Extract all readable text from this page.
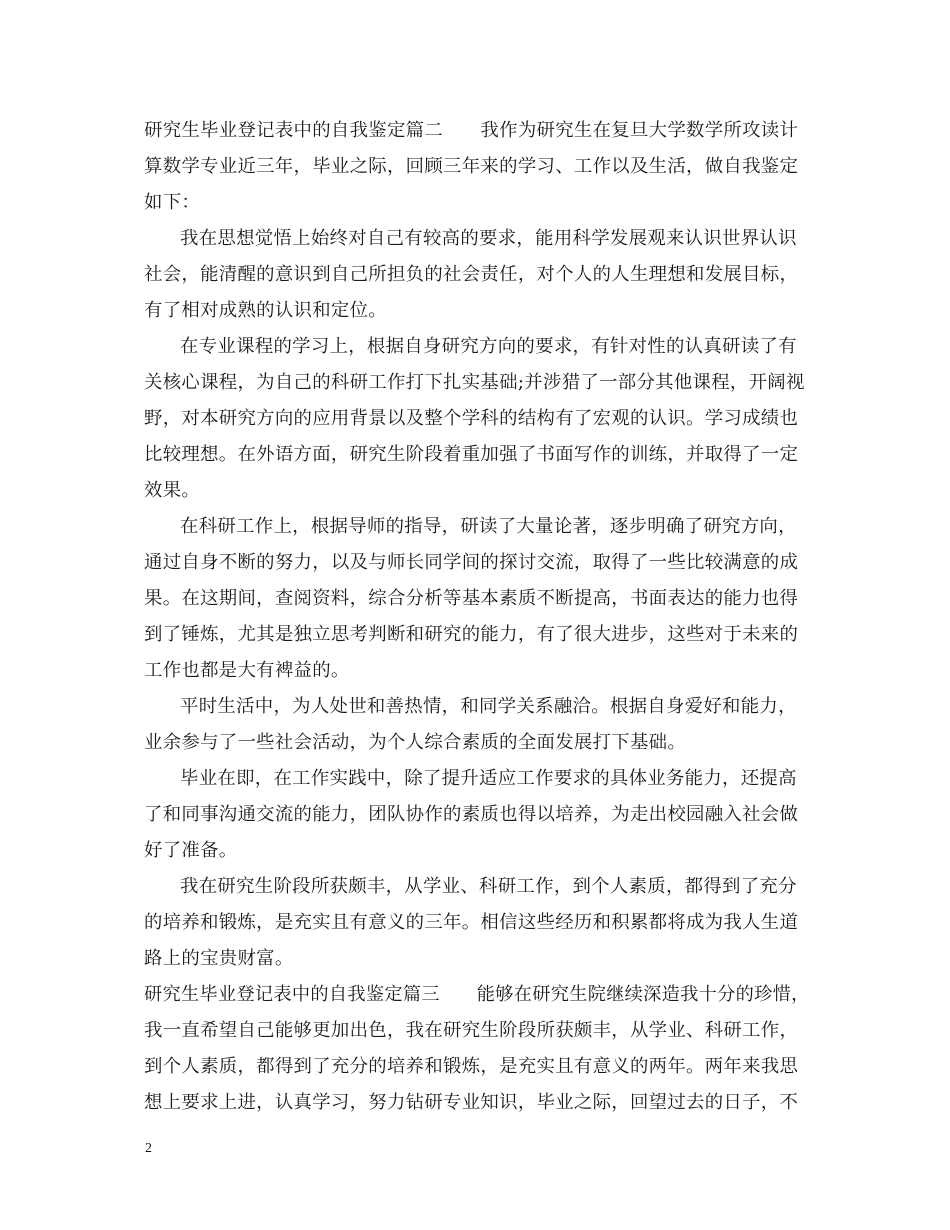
研究生毕业登记表中的自我鉴定篇二　　我作为研究生在复旦大学数学所攻读计
算数学专业近三年，毕业之际，回顾三年来的学习、工作以及生活，做自我鉴定
如下：
我在思想觉悟上始终对自己有较高的要求，能用科学发展观来认识世界认识
社会，能清醒的意识到自己所担负的社会责任，对个人的人生理想和发展目标，
有了相对成熟的认识和定位。
在专业课程的学习上，根据自身研究方向的要求，有针对性的认真研读了有
关核心课程，为自己的科研工作打下扎实基础;并涉猎了一部分其他课程，开阔视
野，对本研究方向的应用背景以及整个学科的结构有了宏观的认识。学习成绩也
比较理想。在外语方面，研究生阶段着重加强了书面写作的训练，并取得了一定
效果。
在科研工作上，根据导师的指导，研读了大量论著，逐步明确了研究方向，
通过自身不断的努力，以及与师长同学间的探讨交流，取得了一些比较满意的成
果。在这期间，查阅资料，综合分析等基本素质不断提高，书面表达的能力也得
到了锤炼，尤其是独立思考判断和研究的能力，有了很大进步，这些对于未来的
工作也都是大有裨益的。
平时生活中，为人处世和善热情，和同学关系融洽。根据自身爱好和能力，
业余参与了一些社会活动，为个人综合素质的全面发展打下基础。
毕业在即，在工作实践中，除了提升适应工作要求的具体业务能力，还提高
了和同事沟通交流的能力，团队协作的素质也得以培养，为走出校园融入社会做
好了准备。
我在研究生阶段所获颇丰，从学业、科研工作，到个人素质，都得到了充分
的培养和锻炼，是充实且有意义的三年。相信这些经历和积累都将成为我人生道
路上的宝贵财富。
研究生毕业登记表中的自我鉴定篇三　　能够在研究生院继续深造我十分的珍惜，
我一直希望自己能够更加出色，我在研究生阶段所获颇丰，从学业、科研工作，
到个人素质，都得到了充分的培养和锻炼，是充实且有意义的两年。两年来我思
想上要求上进，认真学习，努力钻研专业知识，毕业之际，回望过去的日子，不
2
